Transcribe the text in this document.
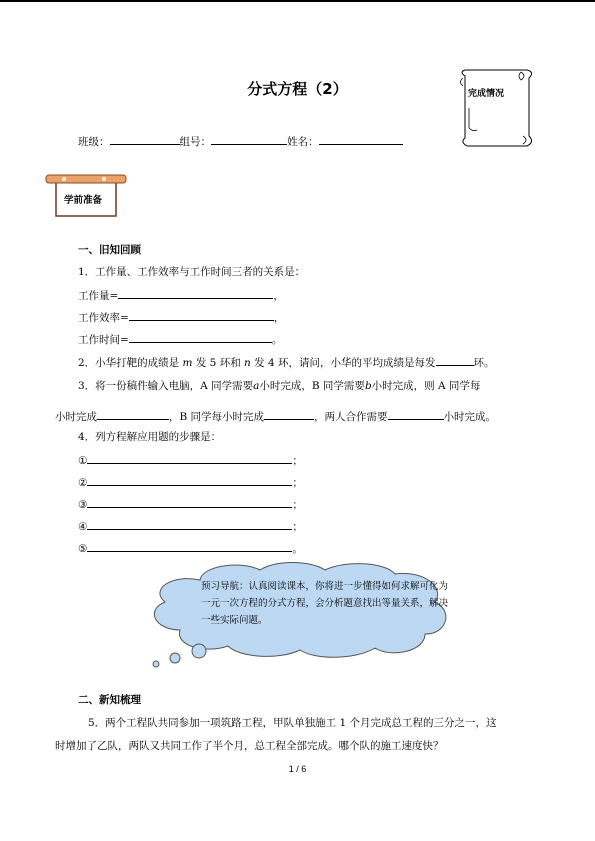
完成情况
分式方程（2）
班级：	组号：	姓名：
学前准备
一、旧知回顾
1．工作量、工作效率与工作时间三者的关系是：
工作量=	，
工作效率=	，
工作时间=	。
2．小华打靶的成绩是 m 发 5 环和 n 发 4 环，请问，小华的平均成绩是每发	环。
3．将一份稿件输入电脑，A 同学需要a小时完成，B 同学需要b小时完成，则 A 同学每
小时完成	，B 同学每小时完成	，两人合作需要	小时完成。
4．列方程解应用题的步骤是：
①	；
②	；
③	；
④	；
⑤	。
预习导航：认真阅读课本，你将进一步懂得如何求解可化为一元一次方程的分式方程，会分析题意找出等量关系，解决一些实际问题。
二、新知梳理
5．两个工程队共同参加一项筑路工程，甲队单独施工 1 个月完成总工程的三分之一，这
时增加了乙队，两队又共同工作了半个月，总工程全部完成。哪个队的施工速度快？
1 / 6
